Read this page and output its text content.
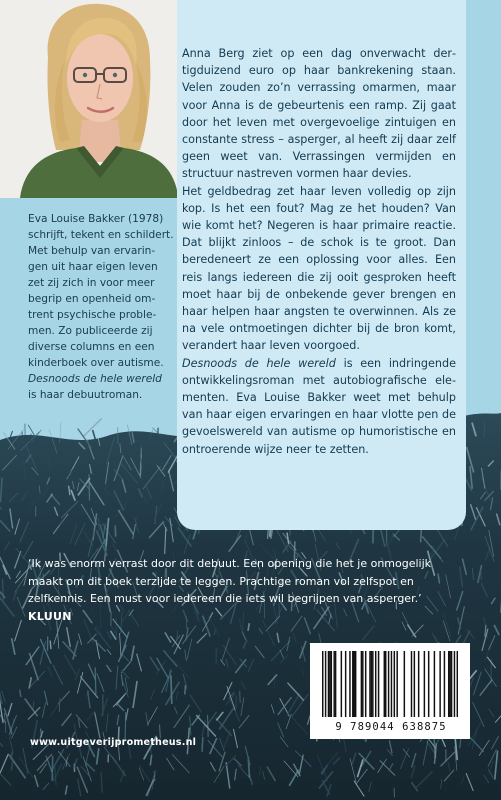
Eva Louise Bakker (1978)
schrijft, tekent en schildert.
Met behulp van ervarin-
gen uit haar eigen leven
zet zij zich in voor meer
begrip en openheid om-
trent psychische proble-
men. Zo publiceerde zij
diverse columns en een
kinderboek over autisme.

Desnoods de hele wereld
is haar debuutroman.

Anna Berg ziet op een dag onverwacht dertigduizend euro op haar bankrekening staan. Velen zouden zo’n verrassing omarmen, maar voor Anna is de gebeurtenis een ramp. Zij gaat door het leven met overgevoelige zintuigen en constante stress – asperger, al heeft zij daar zelf geen weet van. Verrassingen vermijden en structuur nastreven vormen haar devies.

Het geldbedrag zet haar leven volledig op zijn kop. Is het een fout? Mag ze het houden? Van wie komt het? Negeren is haar primaire reactie. Dat blijkt zinloos – de schok is te groot. Dan beredeneert ze een oplossing voor alles. Een reis langs iedereen die zij ooit gesproken heeft moet haar bij de onbekende gever brengen en haar helpen haar angsten te overwinnen. Als ze na vele ontmoetingen dichter bij de bron komt, verandert haar leven voorgoed.

Desnoods de hele wereld is een indringende ontwikkelingsroman met autobiografische elementen. Eva Louise Bakker weet met behulp van haar eigen ervaringen en haar vlotte pen de gevoelswereld van autisme op humoristische en ontroerende wijze neer te zetten.

‘Ik was enorm verrast door dit debuut. Een opening die het je onmogelijk maakt om dit boek terzijde te leggen. Prachtige roman vol zelfspot en zelfkennis. Een must voor iedereen die iets wil begrijpen van asperger.’

KLUUN

9 789044 638875
www.uitgeverijprometheus.nl
